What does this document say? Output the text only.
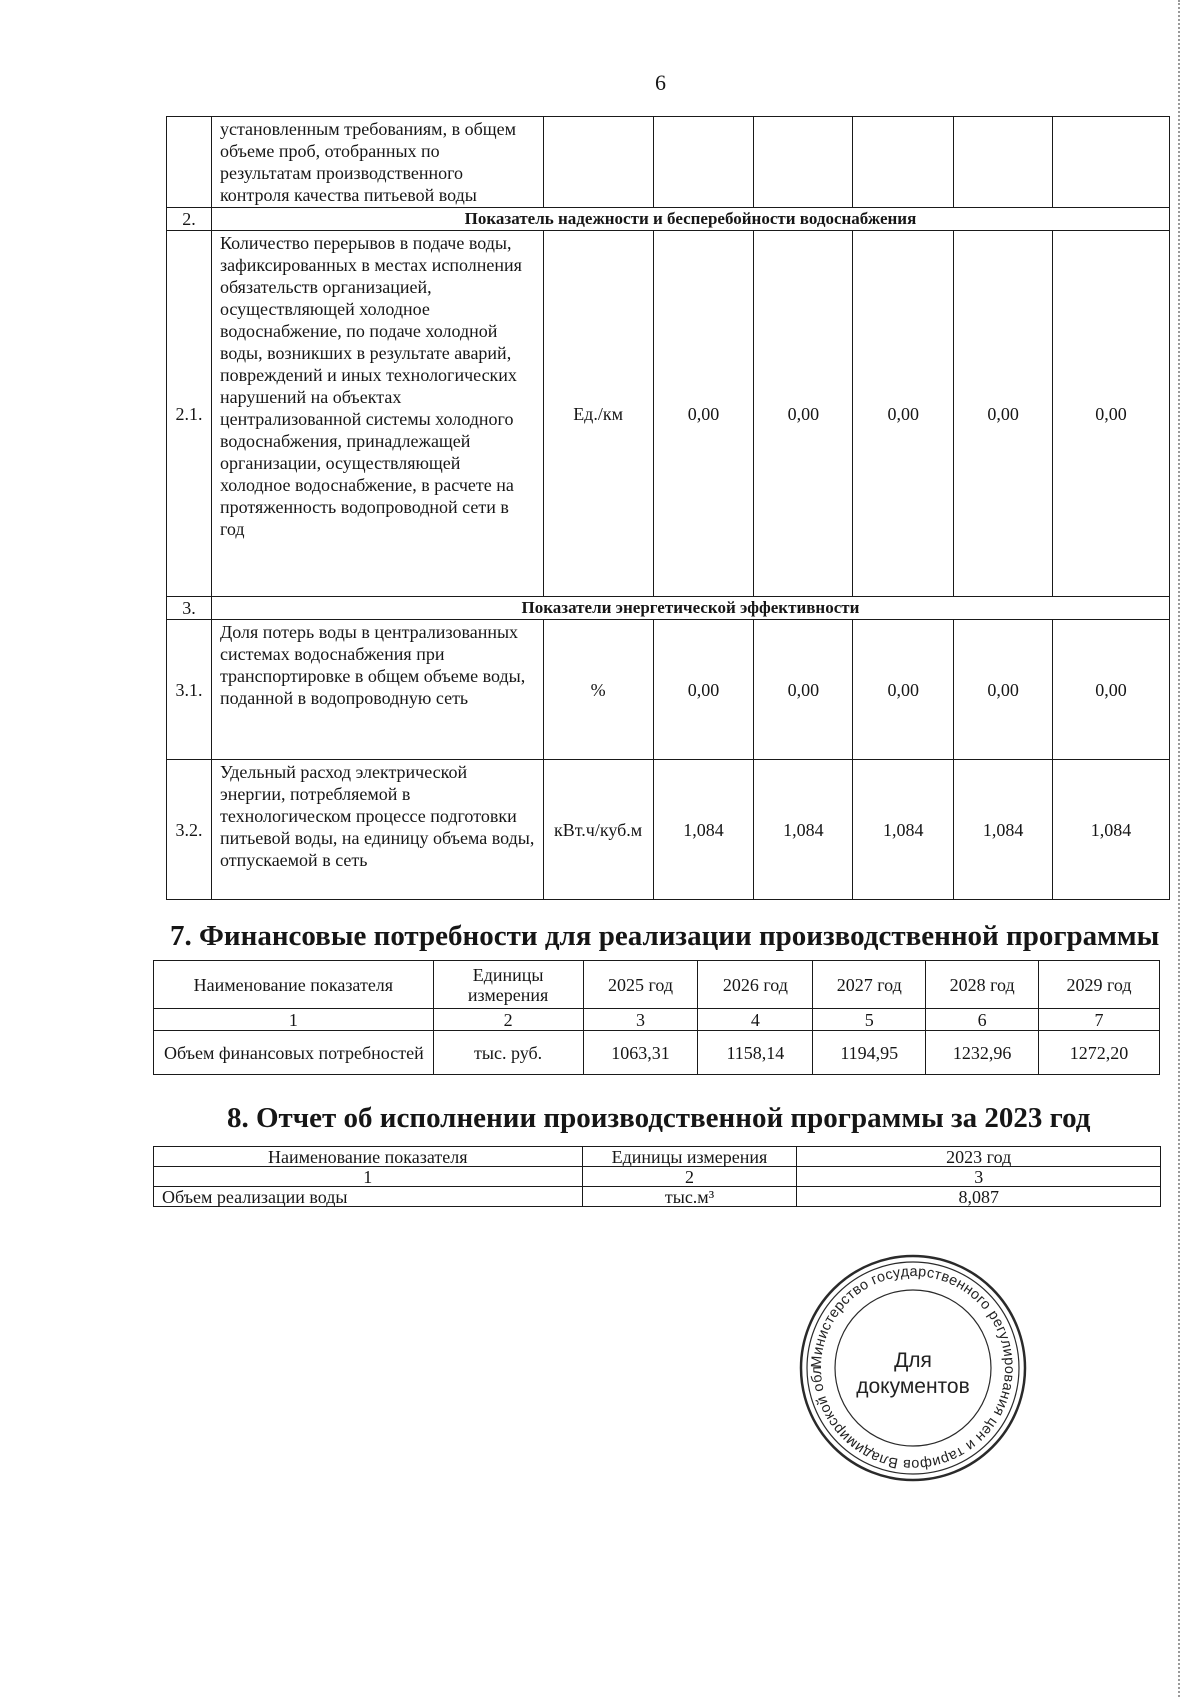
6
	установленным требованиям, в общем объеме проб, отобранных по результатам производственного контроля качества питьевой воды						
2.	Показатель надежности и бесперебойности водоснабжения						
2.1.	Количество перерывов в подаче воды, зафиксированных в местах исполнения обязательств организацией, осуществляющей холодное водоснабжение, по подаче холодной воды, возникших в результате аварий, повреждений и иных технологических нарушений на объектах централизованной системы холодного водоснабжения, принадлежащей организации, осуществляющей холодное водоснабжение, в расчете на протяженность водопроводной сети в год	Ед./км	0,00	0,00	0,00	0,00	0,00
3.	Показатели энергетической эффективности						
3.1.	Доля потерь воды в централизованных системах водоснабжения при транспортировке в общем объеме воды, поданной в водопроводную сеть	%	0,00	0,00	0,00	0,00	0,00
3.2.	Удельный расход электрической энергии, потребляемой в технологическом процессе подготовки питьевой воды, на единицу объема воды, отпускаемой в сеть	кВт.ч/куб.м	1,084	1,084	1,084	1,084	1,084
7. Финансовые потребности для реализации производственной программы
Наименование показателя	Единицы измерения	2025 год	2026 год	2027 год	2028 год	2029 год
1	2	3	4	5	6	7
Объем финансовых потребностей	тыс. руб.	1063,31	1158,14	1194,95	1232,96	1272,20
8. Отчет об исполнении производственной программы за 2023 год
Наименование показателя	Единицы измерения	2023 год
1	2	3
Объем реализации воды	тыс.м³	8,087
Министерство государственного регулирования цен и тарифов Владимирской обл	Для
документов
